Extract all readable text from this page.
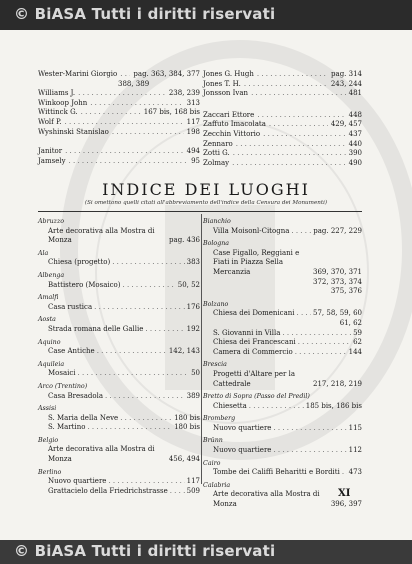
© BiASA Tutti i diritti riservati
Wester-Marini Giorgio . . . pag. 363, 384, 377
388, 389
Williams J. . . .	238, 239
Winkoop John . . .	313
Wittinck G. . . .	167 bis, 168 bis
Wolf P. . . .	117
Wyshinski Stanislao . . .	198
Janitor . . .	494
Jamsely . . .	95
Jones G. Hugh . . .	pag. 314
Jones T. H. . . .	243, 244
Jonsson Ivan . . .	481
Zaccari Ettore . . .	448
Zaffuto Imacolata . . .	429, 457
Zecchin Vittorio . . .	437
Zennaro . . .	440
Zotti G. . . .	390
Zolmay . . .	490
INDICE DEI LUOGHI
(Si omettono quelli citati all'abbreviamento dell'indice della Censura dei Monumenti)
Abruzzo
Arte decorativa alla Mostra di Monza	pag. 436
Ala
Chiesa (progetto) . . .	383
Albenga
Battistero (Mosaico) . . .	50, 52
Amalfi
Casa rustica . . .	176
Aosta
Strada romana delle Gallie . . .	192
Aquino
Case Antiche . . .	142, 143
Aquileia
Mosaici . . .	50
Arco (Trentino)
Casa Bresadola . . .	389
Assisi
S. Maria della Neve . . .	180 bis
S. Martino . . .	180 bis
Belgio
Arte decorativa alla Mostra di Monza	456, 494
Berlino
Nuovo quartiere . . .	117
Grattacielo della Friedrichstrasse . . .	509
Bianchio
Villa Moisonl-Citogna . . .	pag. 227, 229
Bologna
Case Figallo, Reggiani e Fiati in Piazza Sella Mercanzia	369, 370, 371
372, 373, 374
375, 376
Bolzano
Chiesa dei Domenicani . . .	57, 58, 59, 60
61, 62
S. Giovanni in Villa . . .	59
Chiesa dei Francescani . . .	62
Camera di Commercio . . .	144
Brescia
Progetti d'Altare per la Cattedrale	217, 218, 219
Bretto di Sopra (Passo del Predil)
Chiesetta . . .	185 bis, 186 bis
Bromberg
Nuovo quartiere . . .	115
Brünn
Nuovo quartiere . . .	112
Cairo
Tombe dei Califfi Beharitti e Borditi . . . 473
Calabria
Arte decorativa alla Mostra di Monza	396, 397
XI
© BiASA Tutti i diritti riservati
